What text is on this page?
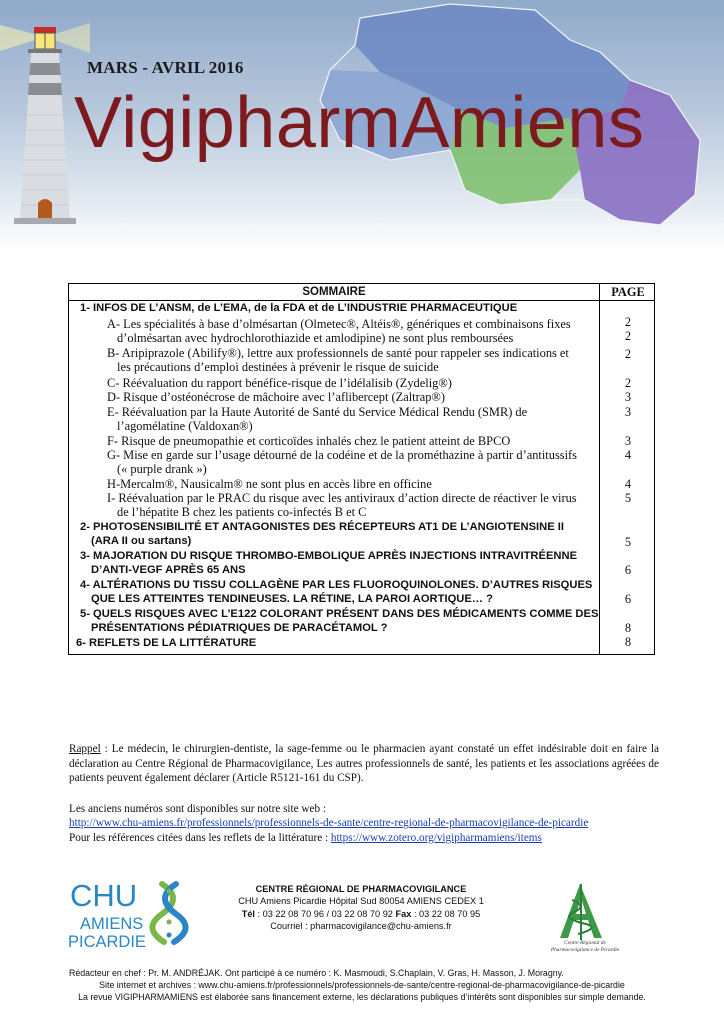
MARS - AVRIL 2016
VigipharmAmiens
SOMMAIRE	PAGE
1- INFOS DE L’ANSM, de L’EMA, de la FDA et de L’INDUSTRIE PHARMACEUTIQUE
A- Les spécialités à base d’olmésartan (Olmetec®, Altéis®, génériques et combinaisons fixes	2
d’olmésartan avec hydrochlorothiazide et amlodipine) ne sont plus remboursées	2
B- Aripiprazole (Abilify®), lettre aux professionnels de santé pour rappeler ses indications et	2
les précautions d’emploi destinées à prévenir le risque de suicide
C- Réévaluation du rapport bénéfice-risque de l’idélalisib (Zydelig®)	2
D- Risque d’ostéonécrose de mâchoire avec l’aflibercept (Zaltrap®)	3
E- Réévaluation par la Haute Autorité de Santé du Service Médical Rendu (SMR) de	3
l’agomélatine (Valdoxan®)
F- Risque de pneumopathie et corticoïdes inhalés chez le patient atteint de BPCO	3
G- Mise en garde sur l’usage détourné de la codéine et de la prométhazine à partir d’antitussifs	4
(« purple drank »)
H-Mercalm®, Nausicalm® ne sont plus en accès libre en officine	4
I- Réévaluation par le PRAC du risque avec les antiviraux d’action directe de réactiver le virus	5
de l’hépatite B chez les patients co-infectés B et C
2- PHOTOSENSIBILITÉ ET ANTAGONISTES DES RÉCEPTEURS AT1 DE L’ANGIOTENSINE II
(ARA II ou sartans)	5
3- MAJORATION DU RISQUE THROMBO-EMBOLIQUE APRÈS INJECTIONS INTRAVITRÉENNE
D’ANTI-VEGF APRÈS 65 ANS	6
4- ALTÉRATIONS DU TISSU COLLAGÈNE PAR LES FLUOROQUINOLONES. D’AUTRES RISQUES
QUE LES ATTEINTES TENDINEUSES. LA RÉTINE, LA PAROI AORTIQUE… ?	6
5- QUELS RISQUES AVEC L’E122 COLORANT PRÉSENT DANS DES MÉDICAMENTS COMME DES
PRÉSENTATIONS PÉDIATRIQUES DE PARACÉTAMOL ?	8
6- REFLETS DE LA LITTÉRATURE	8
Rappel : Le médecin, le chirurgien-dentiste, la sage-femme ou le pharmacien ayant constaté un effet indésirable doit en faire la déclaration au Centre Régional de Pharmacovigilance, Les autres professionnels de santé, les patients et les associations agréées de patients peuvent également déclarer (Article R5121-161 du CSP).
Les anciens numéros sont disponibles sur notre site web :
http://www.chu-amiens.fr/professionnels/professionnels-de-sante/centre-regional-de-pharmacovigilance-de-picardie
Pour les références citées dans les reflets de la littérature : https://www.zotero.org/vigipharmamiens/items
CHU
AMIENS
PICARDIE
CENTRE RÉGIONAL DE PHARMACOVIGILANCE
CHU Amiens Picardie Hôpital Sud 80054 AMIENS CEDEX 1
Tél : 03 22 08 70 96 / 03 22 08 70 92 Fax : 03 22 08 70 95
Courriel : pharmacovigilance@chu-amiens.fr
Centre Régional de Pharmacovigilance de Picardie
Rédacteur en chef : Pr. M. ANDRÉJAK. Ont participé à ce numéro : K. Masmoudi, S.Chaplain, V. Gras, H. Masson, J. Moragny.
Site internet et archives : www.chu-amiens.fr/professionnels/professionnels-de-sante/centre-regional-de-pharmacovigilance-de-picardie
La revue VIGIPHARMAMIENS est élaborée sans financement externe, les déclarations publiques d’intérêts sont disponibles sur simple demande.
